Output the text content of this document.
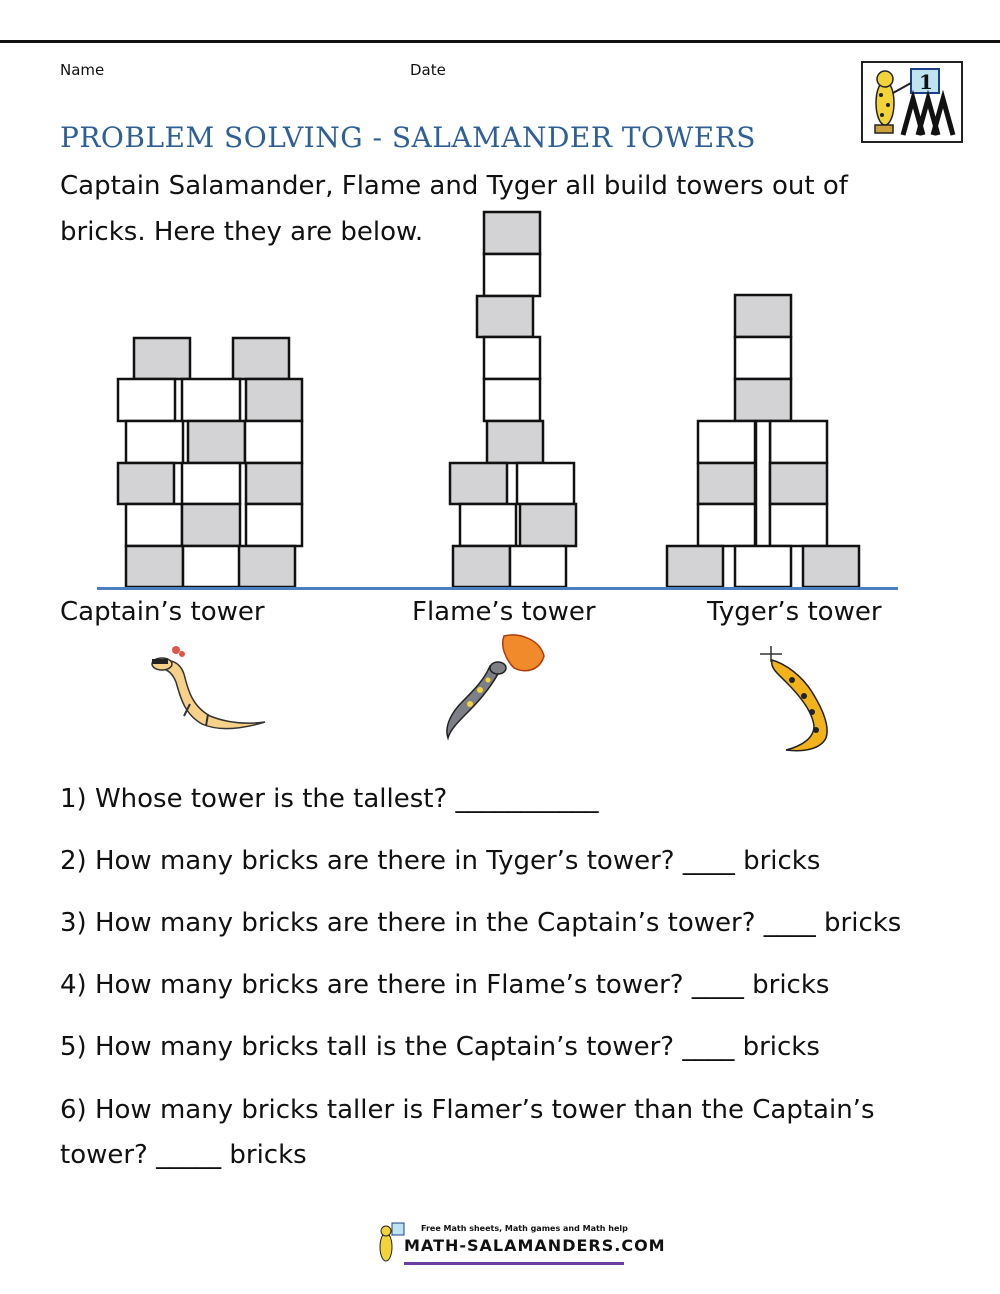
Name	Date	1
PROBLEM SOLVING - SALAMANDER TOWERS
Captain Salamander, Flame and Tyger all build towers out of
bricks. Here they are below.
Captain’s tower	Flame’s tower	Tyger’s tower
1) Whose tower is the tallest? ___________
2) How many bricks are there in Tyger’s tower? ____ bricks
3) How many bricks are there in the Captain’s tower? ____ bricks
4) How many bricks are there in Flame’s tower? ____ bricks
5) How many bricks tall is the Captain’s tower? ____ bricks
6) How many bricks taller is Flamer’s tower than the Captain’s
tower? _____ bricks
Free Math sheets, Math games and Math help
MATH-SALAMANDERS.COM
